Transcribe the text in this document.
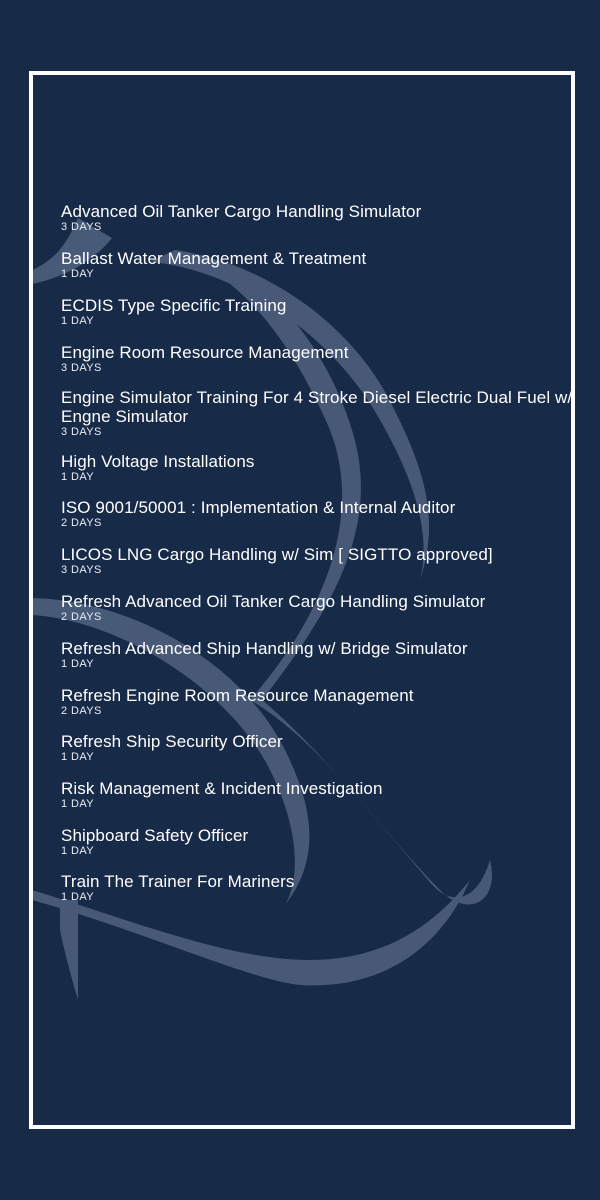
Advanced Oil Tanker Cargo Handling Simulator
3 DAYS
Ballast Water Management & Treatment
1 DAY
ECDIS Type Specific Training
1 DAY
Engine Room Resource Management
3 DAYS
Engine Simulator Training For 4 Stroke Diesel Electric Dual Fuel w/ Engne Simulator
3 DAYS
High Voltage Installations
1 DAY
ISO 9001/50001 : Implementation & Internal Auditor
2 DAYS
LICOS LNG Cargo Handling w/ Sim [ SIGTTO approved]
3 DAYS
Refresh Advanced Oil Tanker Cargo Handling Simulator
2 DAYS
Refresh Advanced Ship Handling w/ Bridge Simulator
1 DAY
Refresh Engine Room Resource Management
2 DAYS
Refresh Ship Security Officer
1 DAY
Risk Management & Incident Investigation
1 DAY
Shipboard Safety Officer
1 DAY
Train The Trainer For Mariners
1 DAY
